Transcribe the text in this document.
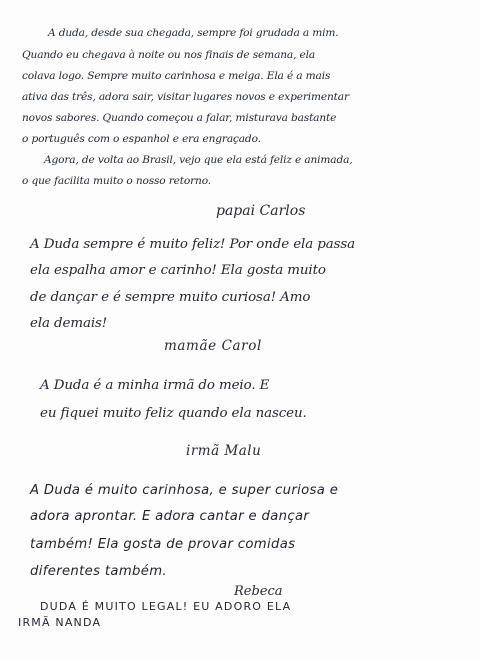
A duda, desde sua chegada, sempre foi grudada a mim.
Quando eu chegava à noite ou nos finais de semana, ela
colava logo. Sempre muito carinhosa e meiga. Ela é a mais
ativa das três, adora sair, visitar lugares novos e experimentar
novos sabores. Quando começou a falar, misturava bastante
o português com o espanhol e era engraçado.
Agora, de volta ao Brasil, vejo que ela está feliz e animada,
o que facilita muito o nosso retorno.
papai Carlos
A Duda sempre é muito feliz! Por onde ela passa
ela espalha amor e carinho! Ela gosta muito
de dançar e é sempre muito curiosa! Amo
ela demais!
mamãe Carol
A Duda é a minha irmã do meio. E
eu fiquei muito feliz quando ela nasceu.
irmã Malu
A Duda é muito carinhosa, e super curiosa e
adora aprontar. E adora cantar e dançar
também! Ela gosta de provar comidas
diferentes também.
Rebeca
DUDA É MUITO LEGAL! EU ADORO ELA
IRMÃ NANDA
